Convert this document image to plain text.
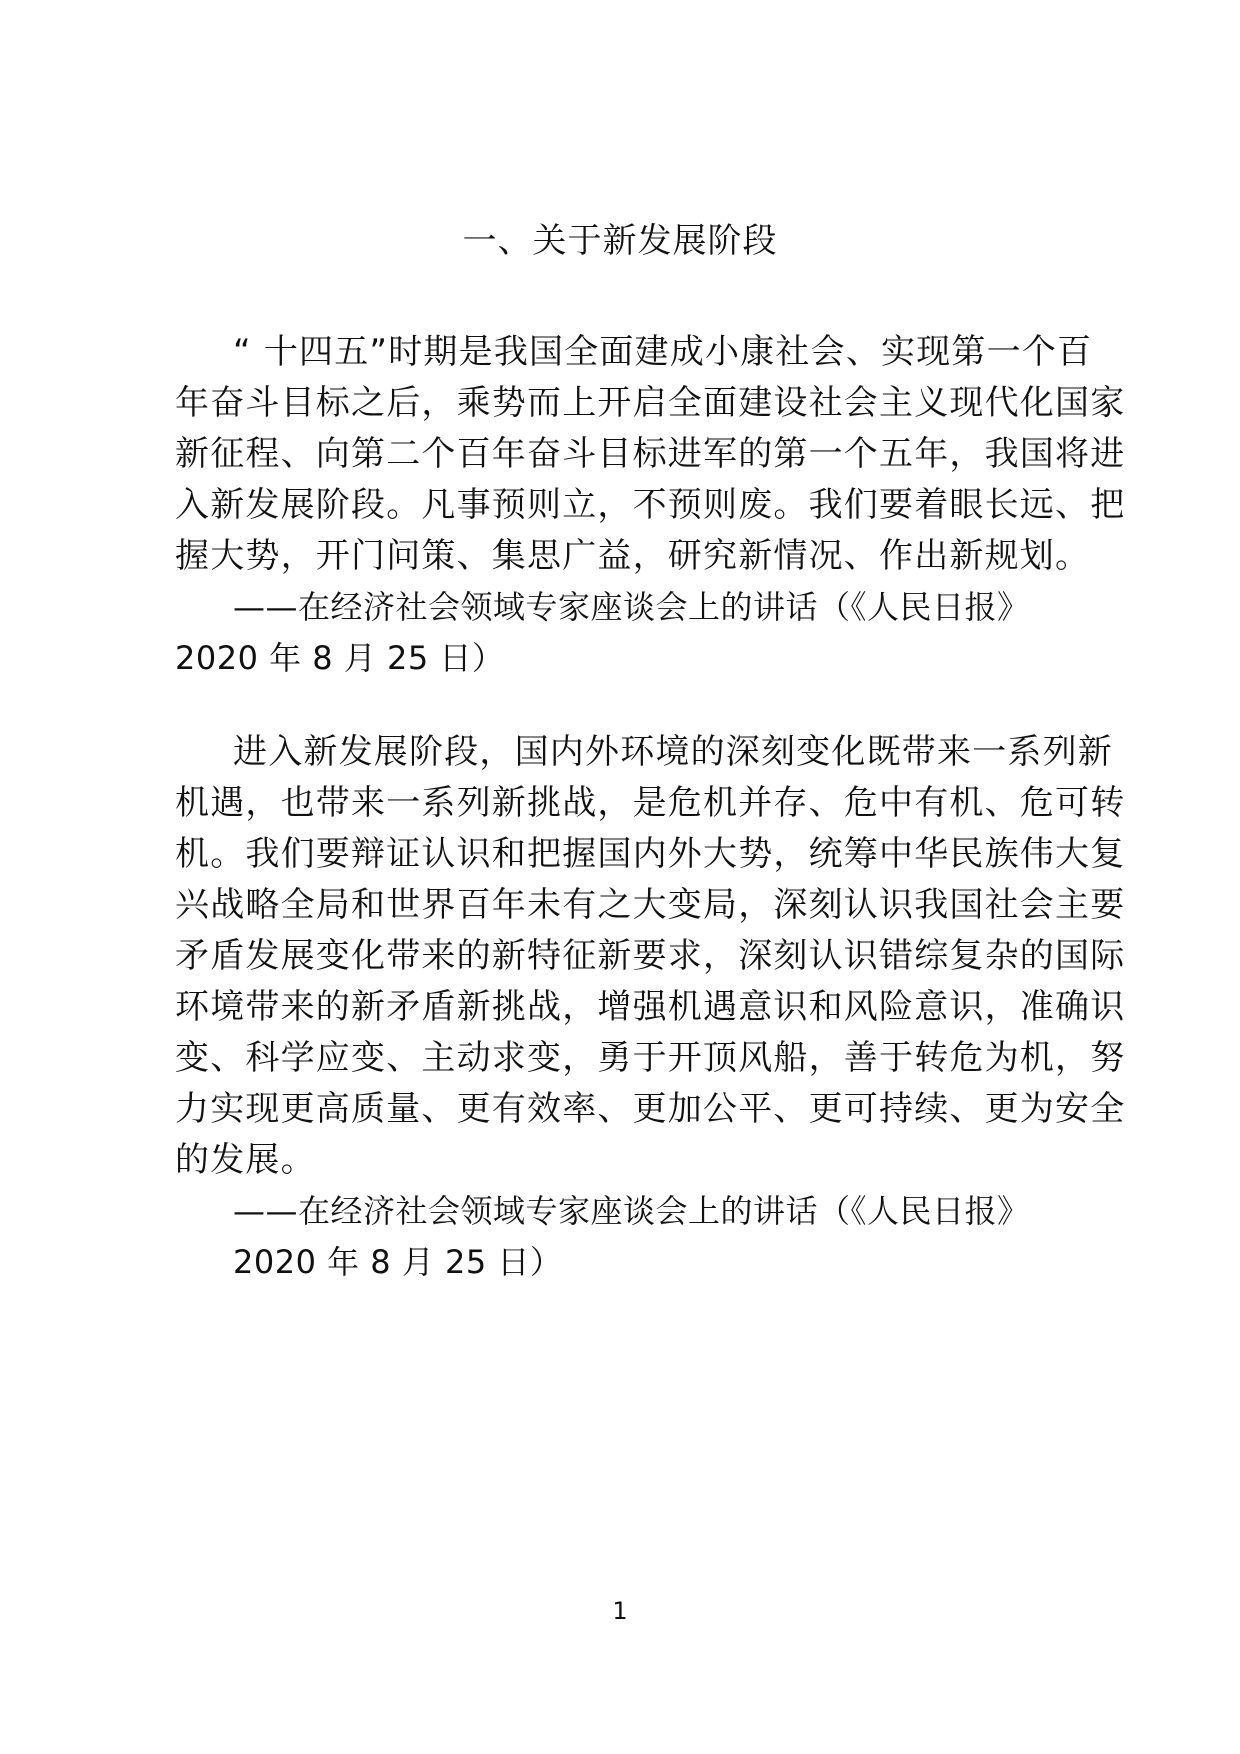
一、关于新发展阶段
“ 十四五”时期是我国全面建成小康社会、实现第一个百
年奋斗目标之后，乘势而上开启全面建设社会主义现代化国家
新征程、向第二个百年奋斗目标进军的第一个五年，我国将进
入新发展阶段。凡事预则立，不预则废。我们要着眼长远、把
握大势，开门问策、集思广益，研究新情况、作出新规划。
——在经济社会领域专家座谈会上的讲话（《人民日报》
2020 年 8 月 25 日）
进入新发展阶段，国内外环境的深刻变化既带来一系列新
机遇，也带来一系列新挑战，是危机并存、危中有机、危可转
机。我们要辩证认识和把握国内外大势，统筹中华民族伟大复
兴战略全局和世界百年未有之大变局，深刻认识我国社会主要
矛盾发展变化带来的新特征新要求，深刻认识错综复杂的国际
环境带来的新矛盾新挑战，增强机遇意识和风险意识，准确识
变、科学应变、主动求变，勇于开顶风船，善于转危为机，努
力实现更高质量、更有效率、更加公平、更可持续、更为安全
的发展。
——在经济社会领域专家座谈会上的讲话（《人民日报》
2020 年 8 月 25 日）
1
